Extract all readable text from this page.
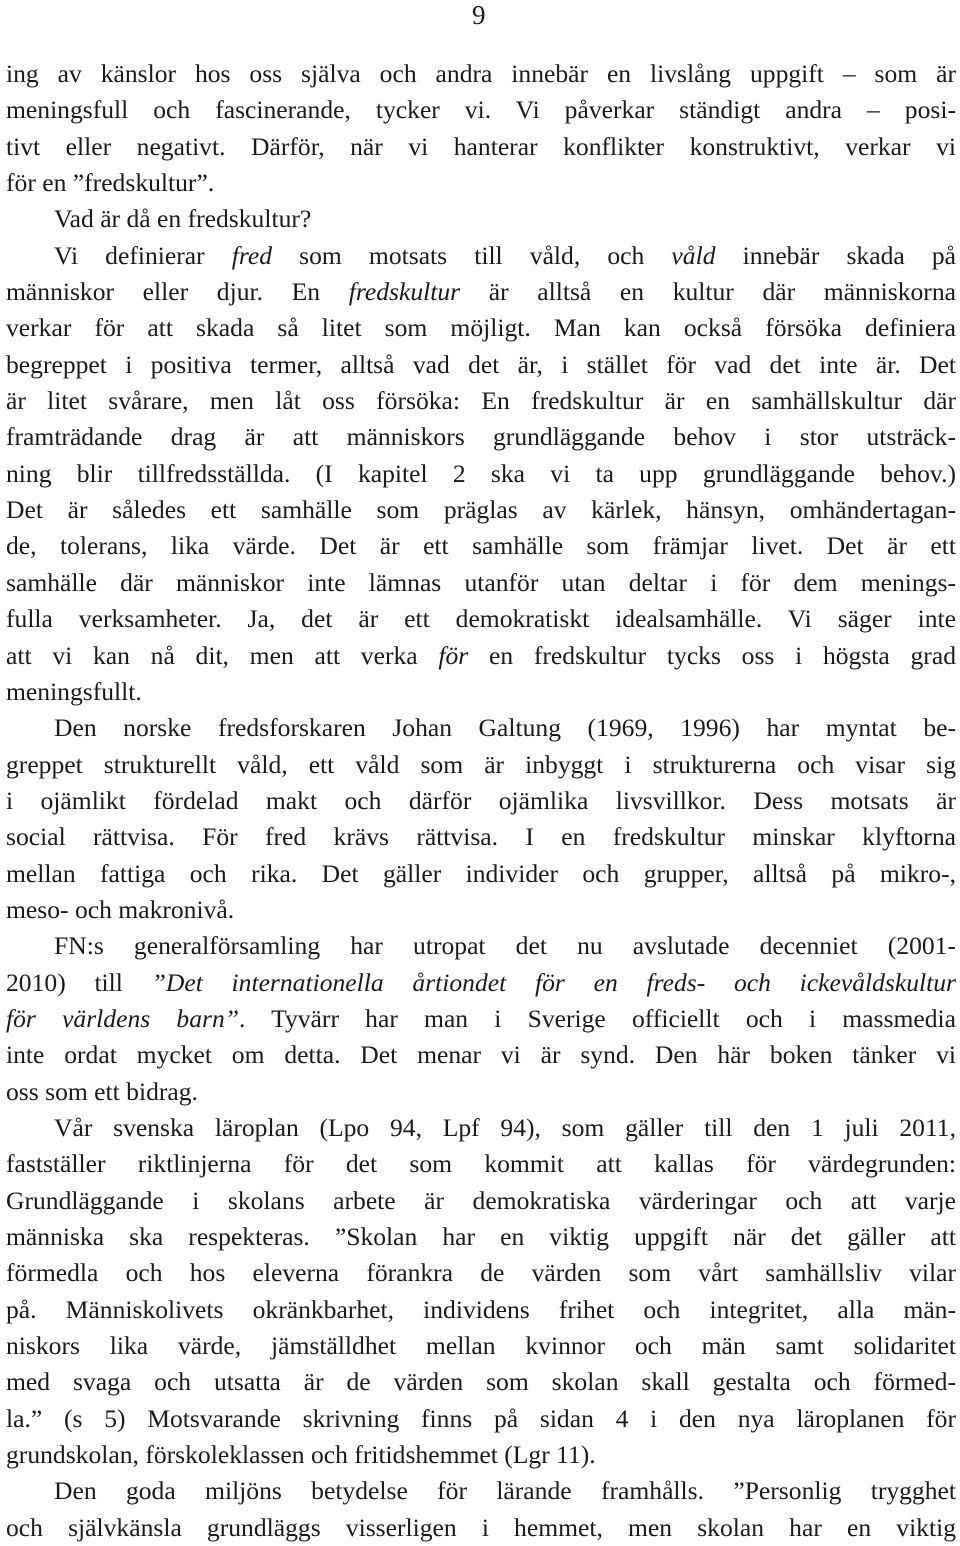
9
ing av känslor hos oss själva och andra innebär en livslång uppgift – som är
meningsfull och fascinerande, tycker vi. Vi påverkar ständigt andra – posi-
tivt eller negativt. Därför, när vi hanterar konflikter konstruktivt, verkar vi
för en ”fredskultur”.
Vad är då en fredskultur?
Vi definierar fred som motsats till våld, och våld innebär skada på
människor eller djur. En fredskultur är alltså en kultur där människorna
verkar för att skada så litet som möjligt. Man kan också försöka definiera
begreppet i positiva termer, alltså vad det är, i stället för vad det inte är. Det
är litet svårare, men låt oss försöka: En fredskultur är en samhällskultur där
framträdande drag är att människors grundläggande behov i stor utsträck-
ning blir tillfredsställda. (I kapitel 2 ska vi ta upp grundläggande behov.)
Det är således ett samhälle som präglas av kärlek, hänsyn, omhändertagan-
de, tolerans, lika värde. Det är ett samhälle som främjar livet. Det är ett
samhälle där människor inte lämnas utanför utan deltar i för dem menings-
fulla verksamheter. Ja, det är ett demokratiskt idealsamhälle. Vi säger inte
att vi kan nå dit, men att verka för en fredskultur tycks oss i högsta grad
meningsfullt.
Den norske fredsforskaren Johan Galtung (1969, 1996) har myntat be-
greppet strukturellt våld, ett våld som är inbyggt i strukturerna och visar sig
i ojämlikt fördelad makt och därför ojämlika livsvillkor. Dess motsats är
social rättvisa. För fred krävs rättvisa. I en fredskultur minskar klyftorna
mellan fattiga och rika. Det gäller individer och grupper, alltså på mikro-,
meso- och makronivå.
FN:s generalförsamling har utropat det nu avslutade decenniet (2001-
2010) till ”Det internationella årtiondet för en freds- och ickevåldskultur
för världens barn”. Tyvärr har man i Sverige officiellt och i massmedia
inte ordat mycket om detta. Det menar vi är synd. Den här boken tänker vi
oss som ett bidrag.
Vår svenska läroplan (Lpo 94, Lpf 94), som gäller till den 1 juli 2011,
fastställer riktlinjerna för det som kommit att kallas för värdegrunden:
Grundläggande i skolans arbete är demokratiska värderingar och att varje
människa ska respekteras. ”Skolan har en viktig uppgift när det gäller att
förmedla och hos eleverna förankra de värden som vårt samhällsliv vilar
på. Människolivets okränkbarhet, individens frihet och integritet, alla män-
niskors lika värde, jämställdhet mellan kvinnor och män samt solidaritet
med svaga och utsatta är de värden som skolan skall gestalta och förmed-
la.” (s 5) Motsvarande skrivning finns på sidan 4 i den nya läroplanen för
grundskolan, förskoleklassen och fritidshemmet (Lgr 11).
Den goda miljöns betydelse för lärande framhålls. ”Personlig trygghet
och självkänsla grundläggs visserligen i hemmet, men skolan har en viktig
